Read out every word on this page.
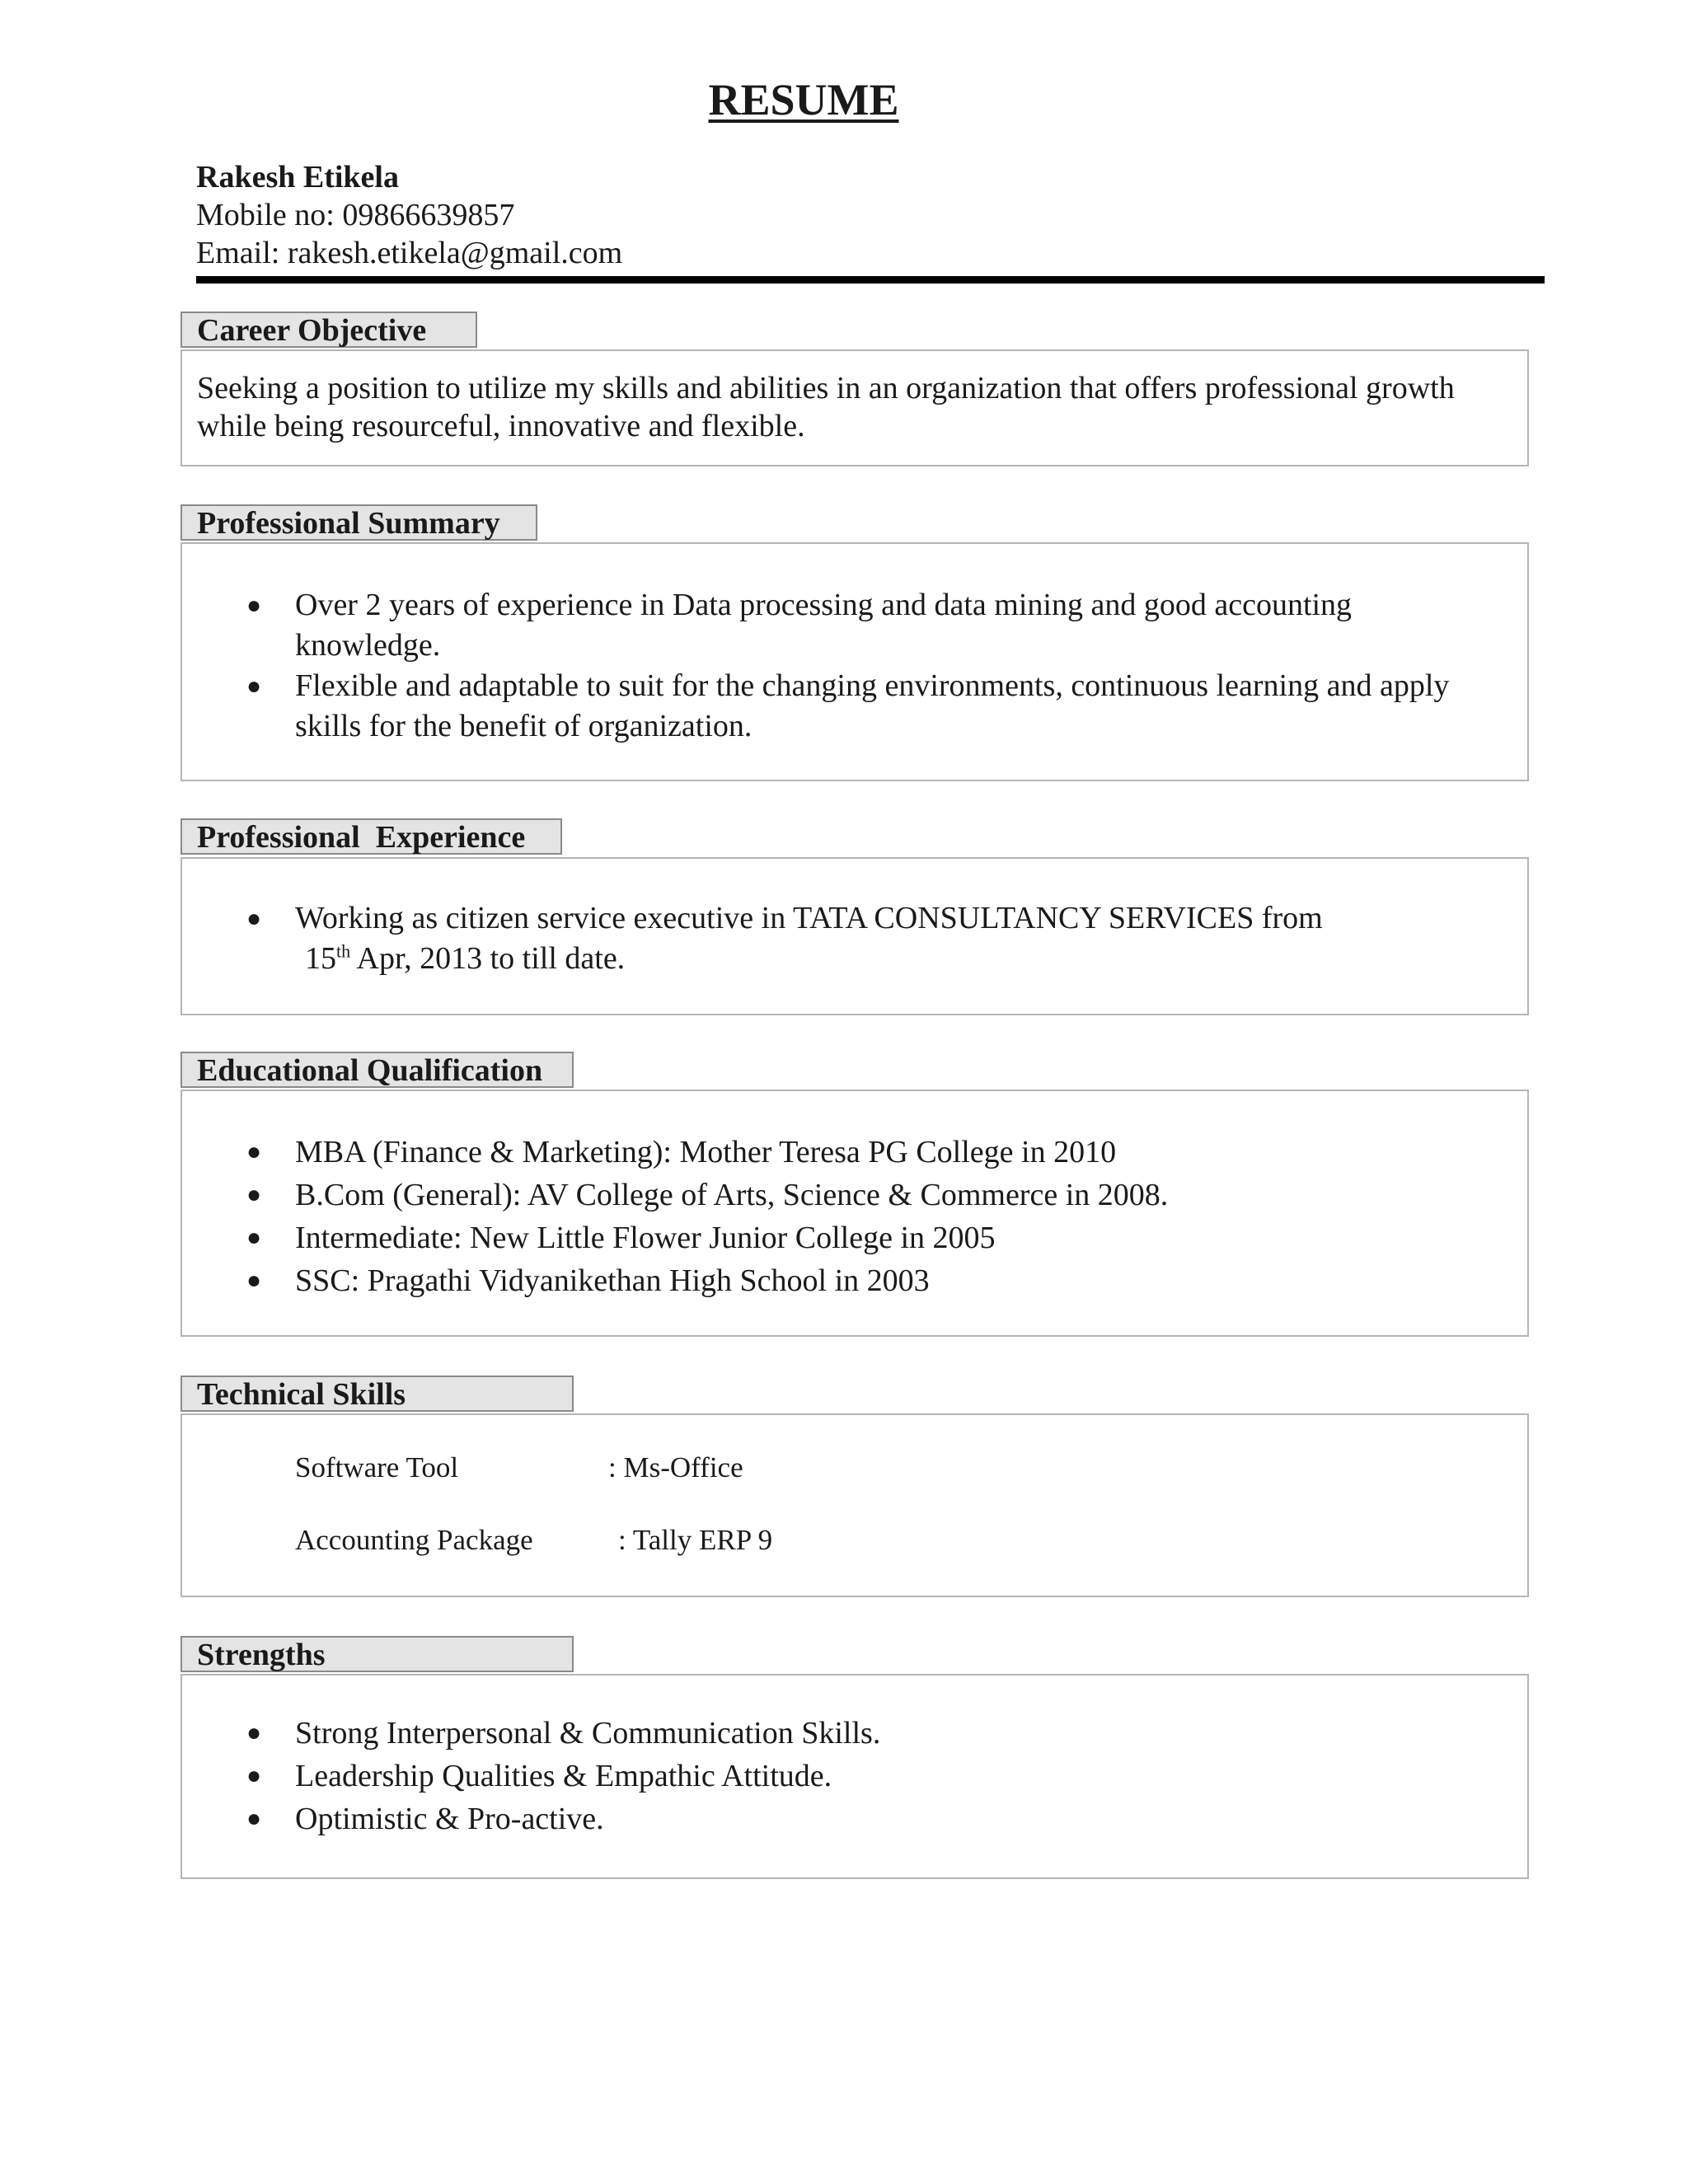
RESUME
Rakesh Etikela
Mobile no: 09866639857
Email: rakesh.etikela@gmail.com
Career Objective
Seeking a position to utilize my skills and abilities in an organization that offers professional growth while being resourceful, innovative and flexible.
Professional Summary
● Over 2 years of experience in Data processing and data mining and good accounting knowledge.
● Flexible and adaptable to suit for the changing environments, continuous learning and apply skills for the benefit of organization.
Professional  Experience
● Working as citizen service executive in TATA CONSULTANCY SERVICES from
15th Apr, 2013 to till date.
Educational Qualification
● MBA (Finance & Marketing): Mother Teresa PG College in 2010
● B.Com (General): AV College of Arts, Science & Commerce in 2008.
● Intermediate: New Little Flower Junior College in 2005
● SSC: Pragathi Vidyanikethan High School in 2003
Technical Skills
Software Tool	: Ms-Office
Accounting Package	: Tally ERP 9
Strengths
● Strong Interpersonal & Communication Skills.
● Leadership Qualities & Empathic Attitude.
● Optimistic & Pro-active.
